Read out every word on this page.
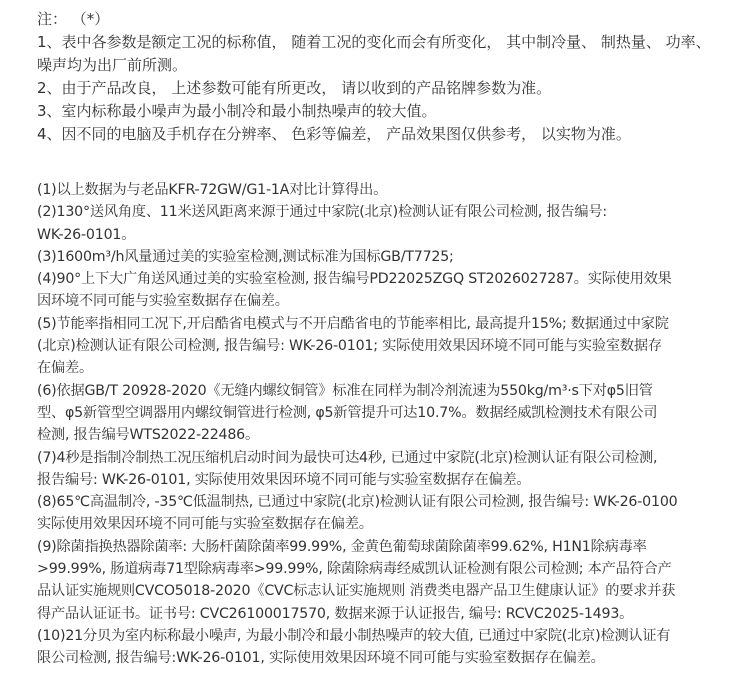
注： （*）
1、表中各参数是额定工况的标称值， 随着工况的变化而会有所变化， 其中制冷量、 制热量、 功率、
噪声均为出厂前所测。
2、由于产品改良， 上述参数可能有所更改， 请以收到的产品铭牌参数为准。
3、室内标称最小噪声为最小制冷和最小制热噪声的较大值。
4、因不同的电脑及手机存在分辨率、 色彩等偏差， 产品效果图仅供参考， 以实物为准。
(1)以上数据为与老品KFR-72GW/G1-1A对比计算得出。
(2)130°送风角度、11米送风距离来源于通过中家院(北京)检测认证有限公司检测, 报告编号:
WK-26-0101。
(3)1600m³/h风量通过美的实验室检测,测试标准为国标GB/T7725;
(4)90°上下大广角送风通过美的实验室检测, 报告编号PD22025ZGQ ST2026027287。实际使用效果
因环境不同可能与实验室数据存在偏差。
(5)节能率指相同工况下,开启酷省电模式与不开启酷省电的节能率相比, 最高提升15%; 数据通过中家院
(北京)检测认证有限公司检测, 报告编号: WK-26-0101; 实际使用效果因环境不同可能与实验室数据存
在偏差。
(6)依据GB/T 20928-2020《无缝内螺纹铜管》标准在同样为制冷剂流速为550kg/m³·s下对φ5旧管
型、φ5新管型空调器用内螺纹铜管进行检测, φ5新管提升可达10.7%。数据经威凯检测技术有限公司
检测, 报告编号WTS2022-22486。
(7)4秒是指制冷制热工况压缩机启动时间为最快可达4秒, 已通过中家院(北京)检测认证有限公司检测,
报告编号: WK-26-0101, 实际使用效果因环境不同可能与实验室数据存在偏差。
(8)65℃高温制冷, -35℃低温制热, 已通过中家院(北京)检测认证有限公司检测, 报告编号: WK-26-0100
实际使用效果因环境不同可能与实验室数据存在偏差。
(9)除菌指换热器除菌率: 大肠杆菌除菌率99.99%, 金黄色葡萄球菌除菌率99.62%, H1N1除病毒率
>99.99%, 肠道病毒71型除病毒率>99.99%, 除菌除病毒经威凯认证检测有限公司检测; 本产品符合产
品认证实施规则CVCO5018-2020《CVC标志认证实施规则 消费类电器产品卫生健康认证》的要求并获
得产品认证证书。证书号: CVC26100017570, 数据来源于认证报告, 编号: RCVC2025-1493。
(10)21分贝为室内标称最小噪声, 为最小制冷和最小制热噪声的较大值, 已通过中家院(北京)检测认证有
限公司检测, 报告编号:WK-26-0101, 实际使用效果因环境不同可能与实验室数据存在偏差。
